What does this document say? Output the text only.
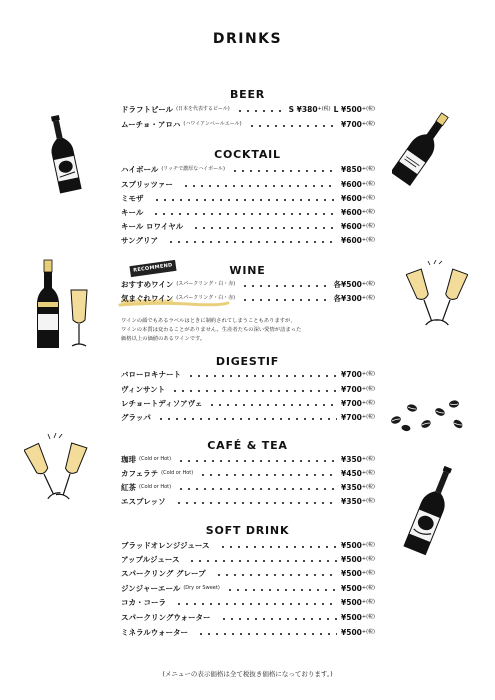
DRINKS
BEER
ドラフトビール (日本を代表するビール)	S ¥380 +(税) L ¥500 +(税)
ムーチョ・アロハ (ハワイアンペールエール)	¥700 +(税)
COCKTAIL
ハイボール (リッチで濃厚なハイボール)	¥850 +(税)
スプリッツァー	¥600 +(税)
ミモザ	¥600 +(税)
キール	¥600 +(税)
キール ロワイヤル	¥600 +(税)
サングリア	¥600 +(税)
RECOMMEND	WINE
おすすめワイン (スパークリング・白・赤)	各¥500 +(税)
気まぐれワイン (スパークリング・白・赤)	各¥300 +(税)
ワインの顔でもあるラベルはときに制約されてしまうこともありますが、
ワインの本質は変わることがありません。生産者たちの深い愛情が詰まった
価格以上の価値のあるワインです。
DIGESTIF
バローロキナート	¥700 +(税)
ヴィンサント	¥700 +(税)
レチョートディソアヴェ	¥700 +(税)
グラッパ	¥700 +(税)
CAFÉ & TEA
珈琲 (Cold or Hot)	¥350 +(税)
カフェラテ (Cold or Hot)	¥450 +(税)
紅茶 (Cold or Hot)	¥350 +(税)
エスプレッソ	¥350 +(税)
SOFT DRINK
ブラッドオレンジジュース	¥500 +(税)
アップルジュース	¥500 +(税)
スパークリング グレープ	¥500 +(税)
ジンジャーエール (Dry or Sweet)	¥500 +(税)
コカ・コーラ	¥500 +(税)
スパークリングウォーター	¥500 +(税)
ミネラルウォーター	¥500 +(税)
(メニューの表示価格は全て税抜き価格になっております。)
